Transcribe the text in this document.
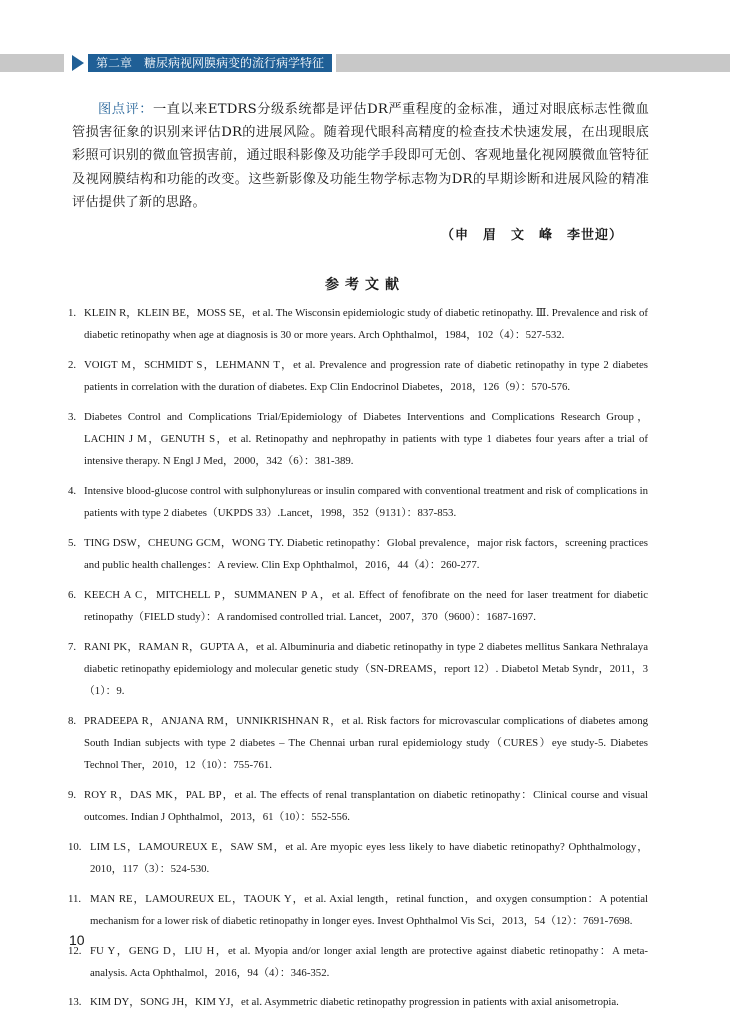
第二章　糖尿病视网膜病变的流行病学特征

图点评：一直以来ETDRS分级系统都是评估DR严重程度的金标准，通过对眼底标志性微血管损害征象的识别来评估DR的进展风险。随着现代眼科高精度的检查技术快速发展，在出现眼底彩照可识别的微血管损害前，通过眼科影像及功能学手段即可无创、客观地量化视网膜微血管特征及视网膜结构和功能的改变。这些新影像及功能生物学标志物为DR的早期诊断和进展风险的精准评估提供了新的思路。

（申　眉　文　峰　李世迎）
参考文献
1. KLEIN R，KLEIN BE，MOSS SE，et al. The Wisconsin epidemiologic study of diabetic retinopathy. Ⅲ. Prevalence and risk of diabetic retinopathy when age at diagnosis is 30 or more years. Arch Ophthalmol，1984，102（4）：527-532.
2. VOIGT M，SCHMIDT S，LEHMANN T，et al. Prevalence and progression rate of diabetic retinopathy in type 2 diabetes patients in correlation with the duration of diabetes. Exp Clin Endocrinol Diabetes，2018，126（9）：570-576.
3. Diabetes Control and Complications Trial/Epidemiology of Diabetes Interventions and Complications Research Group，LACHIN J M，GENUTH S，et al. Retinopathy and nephropathy in patients with type 1 diabetes four years after a trial of intensive therapy. N Engl J Med，2000，342（6）：381-389.
4. Intensive blood-glucose control with sulphonylureas or insulin compared with conventional treatment and risk of complications in patients with type 2 diabetes（UKPDS 33）.Lancet，1998，352（9131）：837-853.
5. TING DSW，CHEUNG GCM，WONG TY. Diabetic retinopathy：Global prevalence，major risk factors，screening practices and public health challenges：A review. Clin Exp Ophthalmol，2016，44（4）：260-277.
6. KEECH A C，MITCHELL P，SUMMANEN P A，et al. Effect of fenofibrate on the need for laser treatment for diabetic retinopathy（FIELD study）：A randomised controlled trial. Lancet，2007，370（9600）：1687-1697.
7. RANI PK，RAMAN R，GUPTA A，et al. Albuminuria and diabetic retinopathy in type 2 diabetes mellitus Sankara Nethralaya diabetic retinopathy epidemiology and molecular genetic study（SN-DREAMS，report 12）. Diabetol Metab Syndr，2011，3（1）：9.
8. PRADEEPA R，ANJANA RM，UNNIKRISHNAN R，et al. Risk factors for microvascular complications of diabetes among South Indian subjects with type 2 diabetes – The Chennai urban rural epidemiology study（CURES）eye study-5. Diabetes Technol Ther，2010，12（10）：755-761.
9. ROY R，DAS MK，PAL BP，et al. The effects of renal transplantation on diabetic retinopathy：Clinical course and visual outcomes. Indian J Ophthalmol，2013，61（10）：552-556.
10. LIM LS，LAMOUREUX E，SAW SM，et al. Are myopic eyes less likely to have diabetic retinopathy? Ophthalmology，2010，117（3）：524-530.
11. MAN RE，LAMOUREUX EL，TAOUK Y，et al. Axial length，retinal function，and oxygen consumption：A potential mechanism for a lower risk of diabetic retinopathy in longer eyes. Invest Ophthalmol Vis Sci，2013，54（12）：7691-7698.
12. FU Y，GENG D，LIU H，et al. Myopia and/or longer axial length are protective against diabetic retinopathy：A meta-analysis. Acta Ophthalmol，2016，94（4）：346-352.
13. KIM DY，SONG JH，KIM YJ，et al. Asymmetric diabetic retinopathy progression in patients with axial anisometropia.
10
